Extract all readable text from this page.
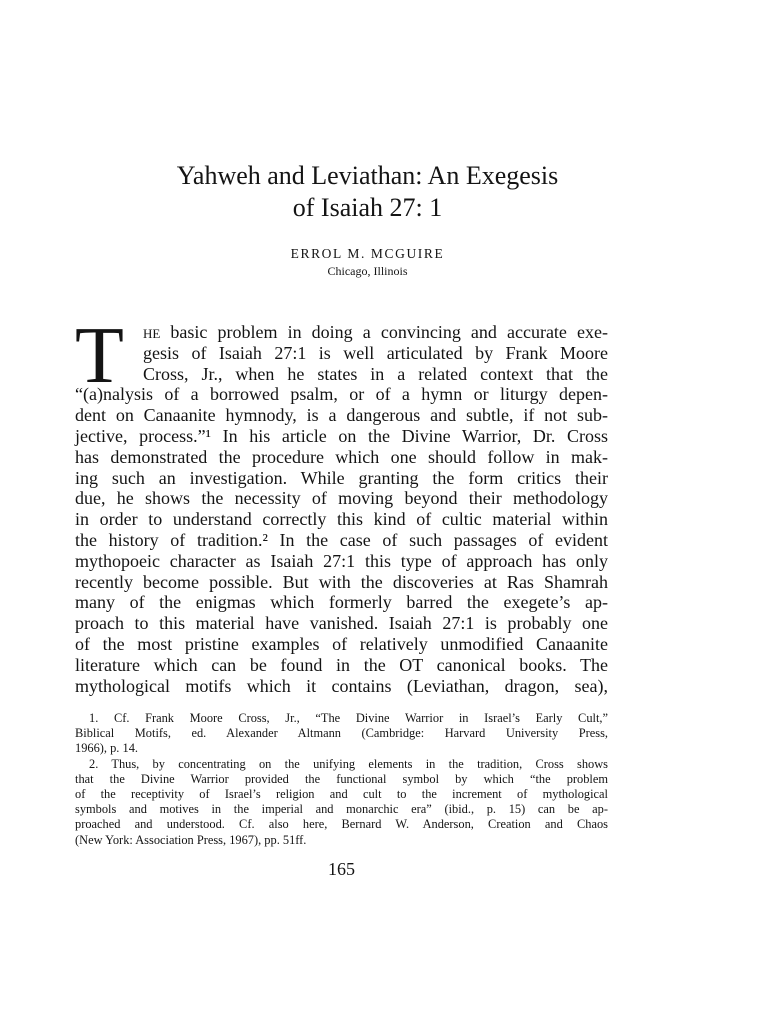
Yahweh and Leviathan: An Exegesis
of Isaiah 27: 1
ERROL M. MCGUIRE
Chicago, Illinois
T	he basic problem in doing a convincing and accurate exe-
gesis of Isaiah 27:1 is well articulated by Frank Moore
Cross, Jr., when he states in a related context that the
“(a)nalysis of a borrowed psalm, or of a hymn or liturgy depen-
dent on Canaanite hymnody, is a dangerous and subtle, if not sub-
jective, process.”¹ In his article on the Divine Warrior, Dr. Cross
has demonstrated the procedure which one should follow in mak-
ing such an investigation. While granting the form critics their
due, he shows the necessity of moving beyond their methodology
in order to understand correctly this kind of cultic material within
the history of tradition.² In the case of such passages of evident
mythopoeic character as Isaiah 27:1 this type of approach has only
recently become possible. But with the discoveries at Ras Shamrah
many of the enigmas which formerly barred the exegete’s ap-
proach to this material have vanished. Isaiah 27:1 is probably one
of the most pristine examples of relatively unmodified Canaanite
literature which can be found in the OT canonical books. The
mythological motifs which it contains (Leviathan, dragon, sea),
1. Cf. Frank Moore Cross, Jr., “The Divine Warrior in Israel’s Early Cult,”
Biblical Motifs, ed. Alexander Altmann (Cambridge: Harvard University Press,
1966), p. 14.
2. Thus, by concentrating on the unifying elements in the tradition, Cross shows
that the Divine Warrior provided the functional symbol by which “the problem
of the receptivity of Israel’s religion and cult to the increment of mythological
symbols and motives in the imperial and monarchic era” (ibid., p. 15) can be ap-
proached and understood. Cf. also here, Bernard W. Anderson, Creation and Chaos
(New York: Association Press, 1967), pp. 51ff.
165
